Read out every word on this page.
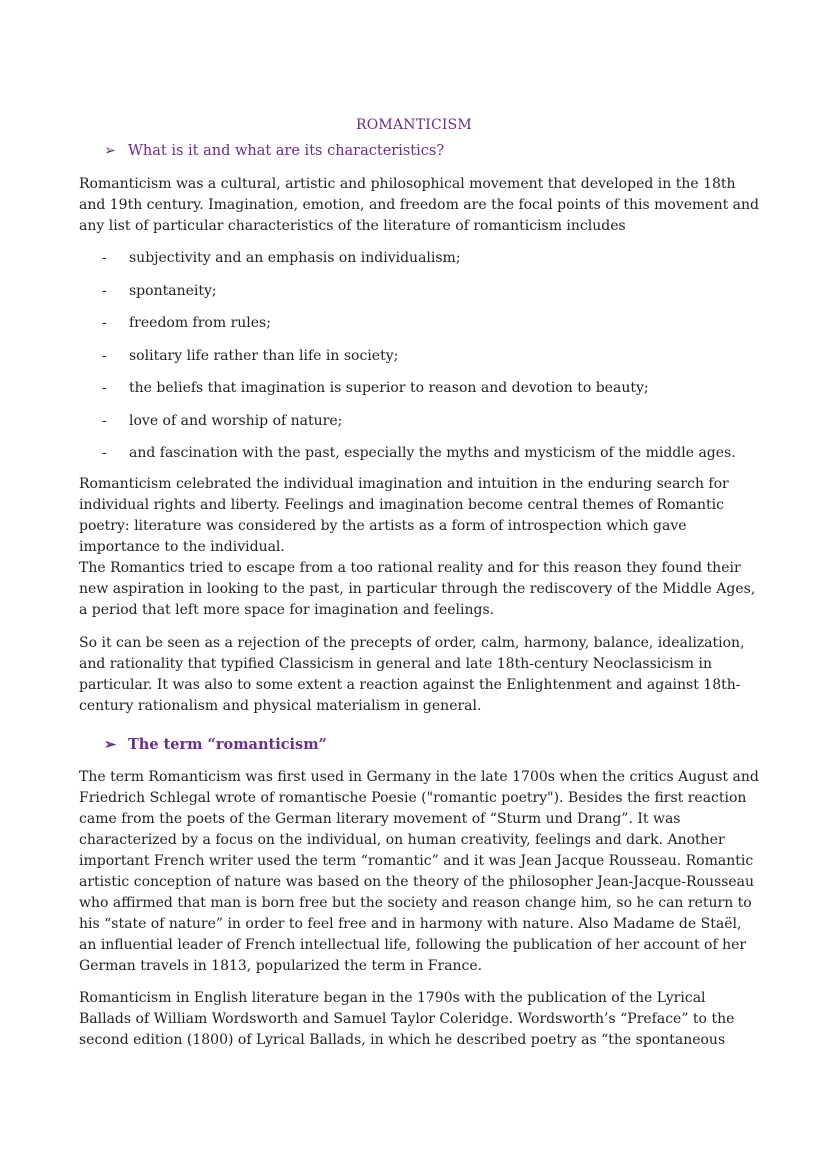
ROMANTICISM
➢ What is it and what are its characteristics?
Romanticism was a cultural, artistic and philosophical movement that developed in the 18th and 19th century. Imagination, emotion, and freedom are the focal points of this movement and any list of particular characteristics of the literature of romanticism includes
- subjectivity and an emphasis on individualism;
- spontaneity;
- freedom from rules;
- solitary life rather than life in society;
- the beliefs that imagination is superior to reason and devotion to beauty;
- love of and worship of nature;
- and fascination with the past, especially the myths and mysticism of the middle ages.
Romanticism celebrated the individual imagination and intuition in the enduring search for individual rights and liberty. Feelings and imagination become central themes of Romantic poetry: literature was considered by the artists as a form of introspection which gave importance to the individual.
The Romantics tried to escape from a too rational reality and for this reason they found their new aspiration in looking to the past, in particular through the rediscovery of the Middle Ages, a period that left more space for imagination and feelings.
So it can be seen as a rejection of the precepts of order, calm, harmony, balance, idealization, and rationality that typified Classicism in general and late 18th-century Neoclassicism in particular. It was also to some extent a reaction against the Enlightenment and against 18th-century rationalism and physical materialism in general.
➢ The term “romanticism”
The term Romanticism was first used in Germany in the late 1700s when the critics August and Friedrich Schlegal wrote of romantische Poesie ("romantic poetry"). Besides the first reaction came from the poets of the German literary movement of “Sturm und Drang”. It was characterized by a focus on the individual, on human creativity, feelings and dark. Another important French writer used the term “romantic” and it was Jean Jacque Rousseau. Romantic artistic conception of nature was based on the theory of the philosopher Jean-Jacque-Rousseau who affirmed that man is born free but the society and reason change him, so he can return to his “state of nature” in order to feel free and in harmony with nature. Also Madame de Staël, an influential leader of French intellectual life, following the publication of her account of her German travels in 1813, popularized the term in France.
Romanticism in English literature began in the 1790s with the publication of the Lyrical Ballads of William Wordsworth and Samuel Taylor Coleridge. Wordsworth’s “Preface” to the second edition (1800) of Lyrical Ballads, in which he described poetry as “the spontaneous
